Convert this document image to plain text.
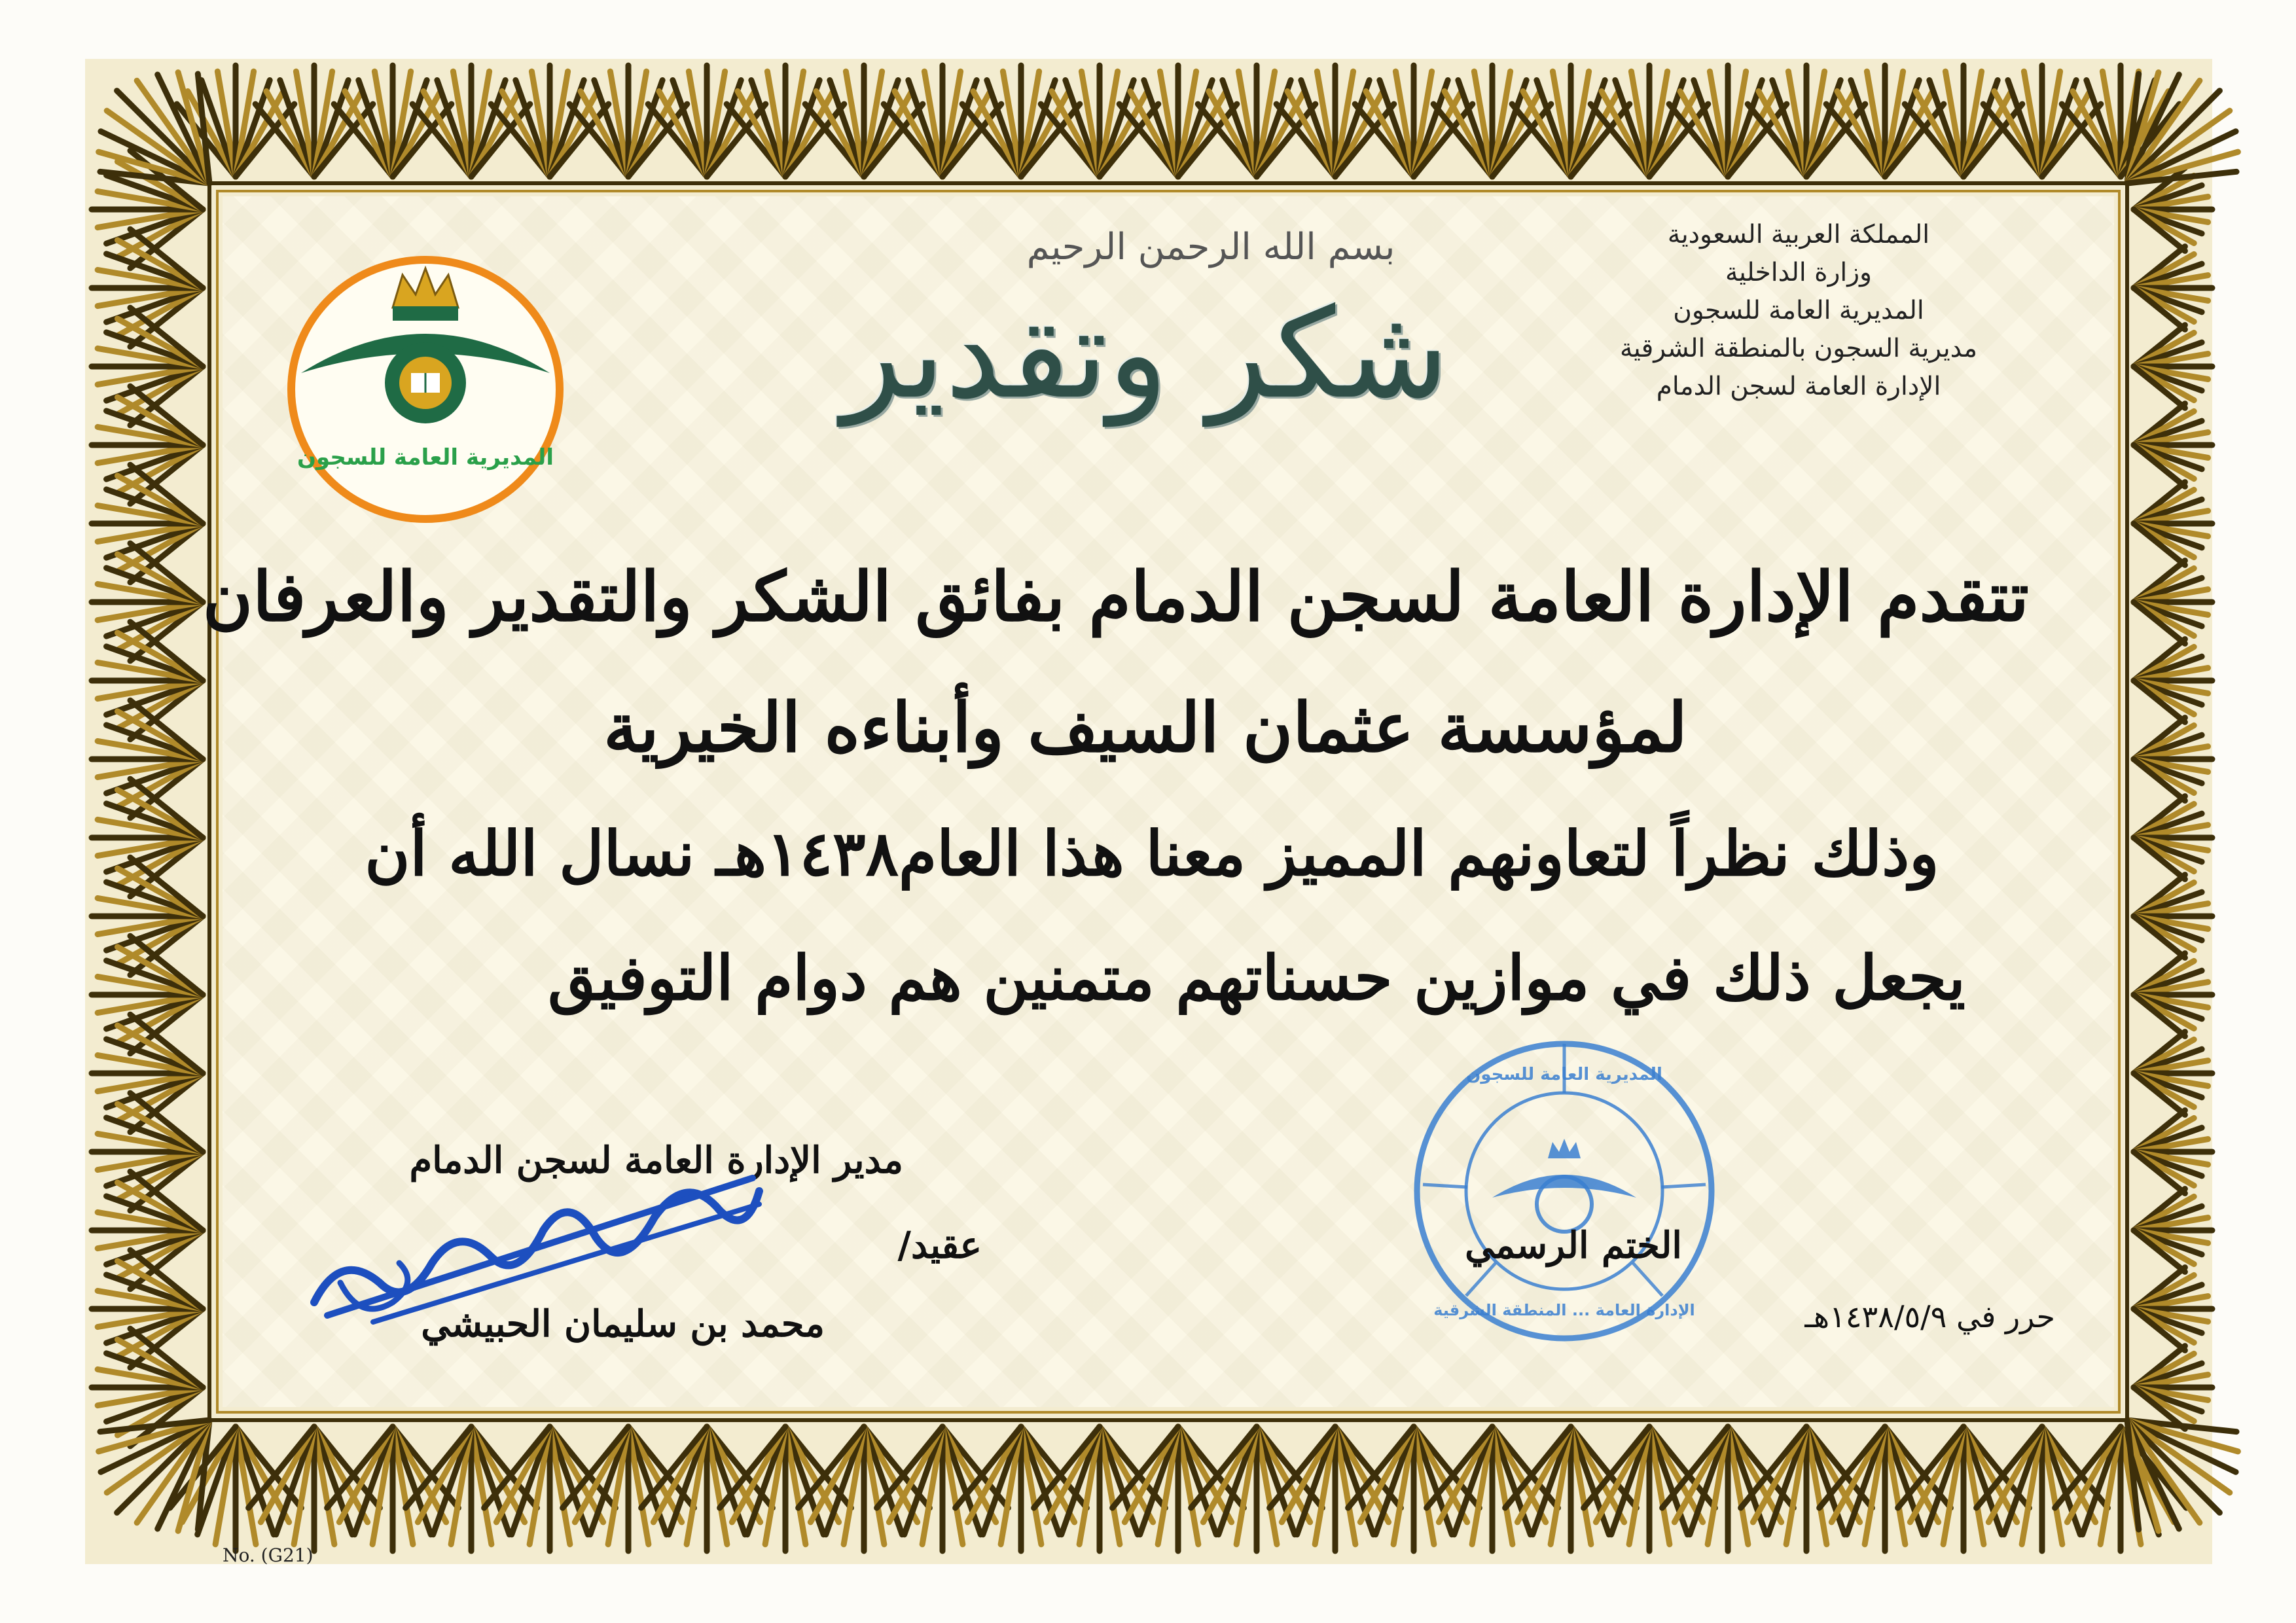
المملكة العربية السعودية
وزارة الداخلية
المديرية العامة للسجون
مديرية السجون بالمنطقة الشرقية
الإدارة العامة لسجن الدمام
المديرية العامة للسجون
بسم الله الرحمن الرحيم
شكر وتقدير
تتقدم الإدارة العامة لسجن الدمام بفائق الشكر والتقدير والعرفان
لمؤسسة عثمان السيف وأبناءه الخيرية
وذلك نظراً لتعاونهم المميز معنا هذا العام١٤٣٨هـ نسال الله أن
يجعل ذلك في موازين حسناتهم متمنين هم دوام التوفيق
مدير الإدارة العامة لسجن الدمام
عقيد/
محمد بن سليمان الحبيشي
المديرية العامة للسجون
الإدارة العامة ... المنطقة الشرقية
الختم الرسمي
حرر في ١٤٣٨/٥/٩هـ
No. (G21)
